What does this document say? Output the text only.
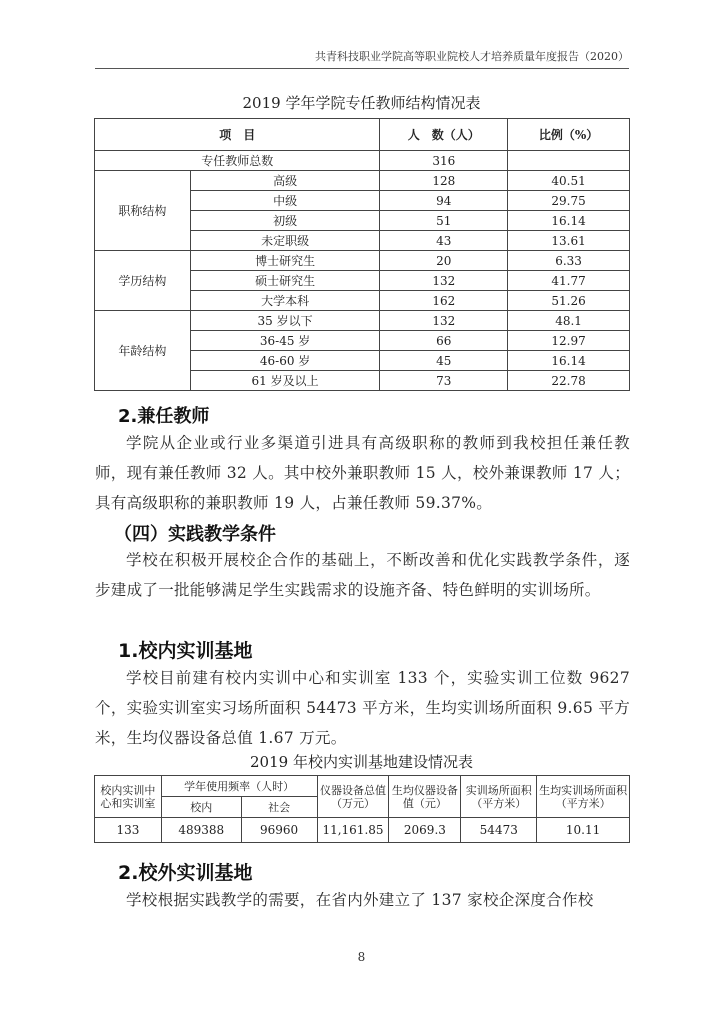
共青科技职业学院高等职业院校人才培养质量年度报告（2020）
2019 学年学院专任教师结构情况表
项　目		人　数（人）	比例（%）
专任教师总数		316	
职称结构	高级	128	40.51
	中级	94	29.75
	初级	51	16.14
	未定职级	43	13.61
学历结构	博士研究生	20	6.33
	硕士研究生	132	41.77
	大学本科	162	51.26
年龄结构	35 岁以下	132	48.1
	36-45 岁	66	12.97
	46-60 岁	45	16.14
	61 岁及以上	73	22.78
2.兼任教师
学院从企业或行业多渠道引进具有高级职称的教师到我校担任兼任教师，现有兼任教师 32 人。其中校外兼职教师 15 人，校外兼课教师 17 人；具有高级职称的兼职教师 19 人，占兼任教师 59.37%。
（四）实践教学条件
学校在积极开展校企合作的基础上，不断改善和优化实践教学条件，逐步建成了一批能够满足学生实践需求的设施齐备、特色鲜明的实训场所。
1.校内实训基地
学校目前建有校内实训中心和实训室 133 个，实验实训工位数 9627 个，实验实训室实习场所面积 54473 平方米，生均实训场所面积 9.65 平方米，生均仪器设备总值 1.67 万元。
2019 年校内实训基地建设情况表
校内实训中心和实训室	学年使用频率（人时）		仪器设备总值（万元）	生均仪器设备值（元）	实训场所面积（平方米）	生均实训场所面积（平方米）
	校内	社会				
133	489388	96960	11,161.85	2069.3	54473	10.11
2.校外实训基地
学校根据实践教学的需要，在省内外建立了 137 家校企深度合作校
8
